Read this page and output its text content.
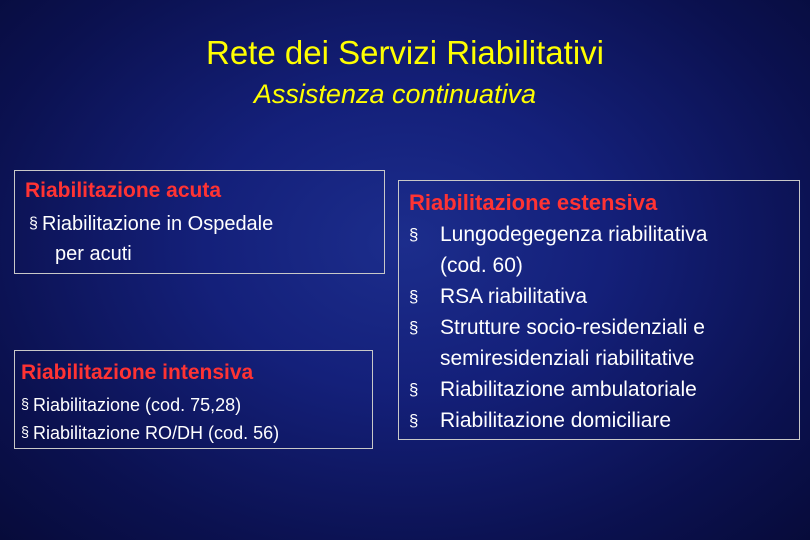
Rete dei Servizi Riabilitativi
Assistenza continuativa
Riabilitazione acuta
§ Riabilitazione in Ospedale
per acuti
Riabilitazione intensiva
§ Riabilitazione (cod. 75,28)
§ Riabilitazione RO/DH (cod. 56)
Riabilitazione estensiva
§ Lungodegegenza riabilitativa
(cod. 60)
§ RSA riabilitativa
§ Strutture socio-residenziali e
semiresidenziali riabilitative
§ Riabilitazione ambulatoriale
§ Riabilitazione domiciliare
